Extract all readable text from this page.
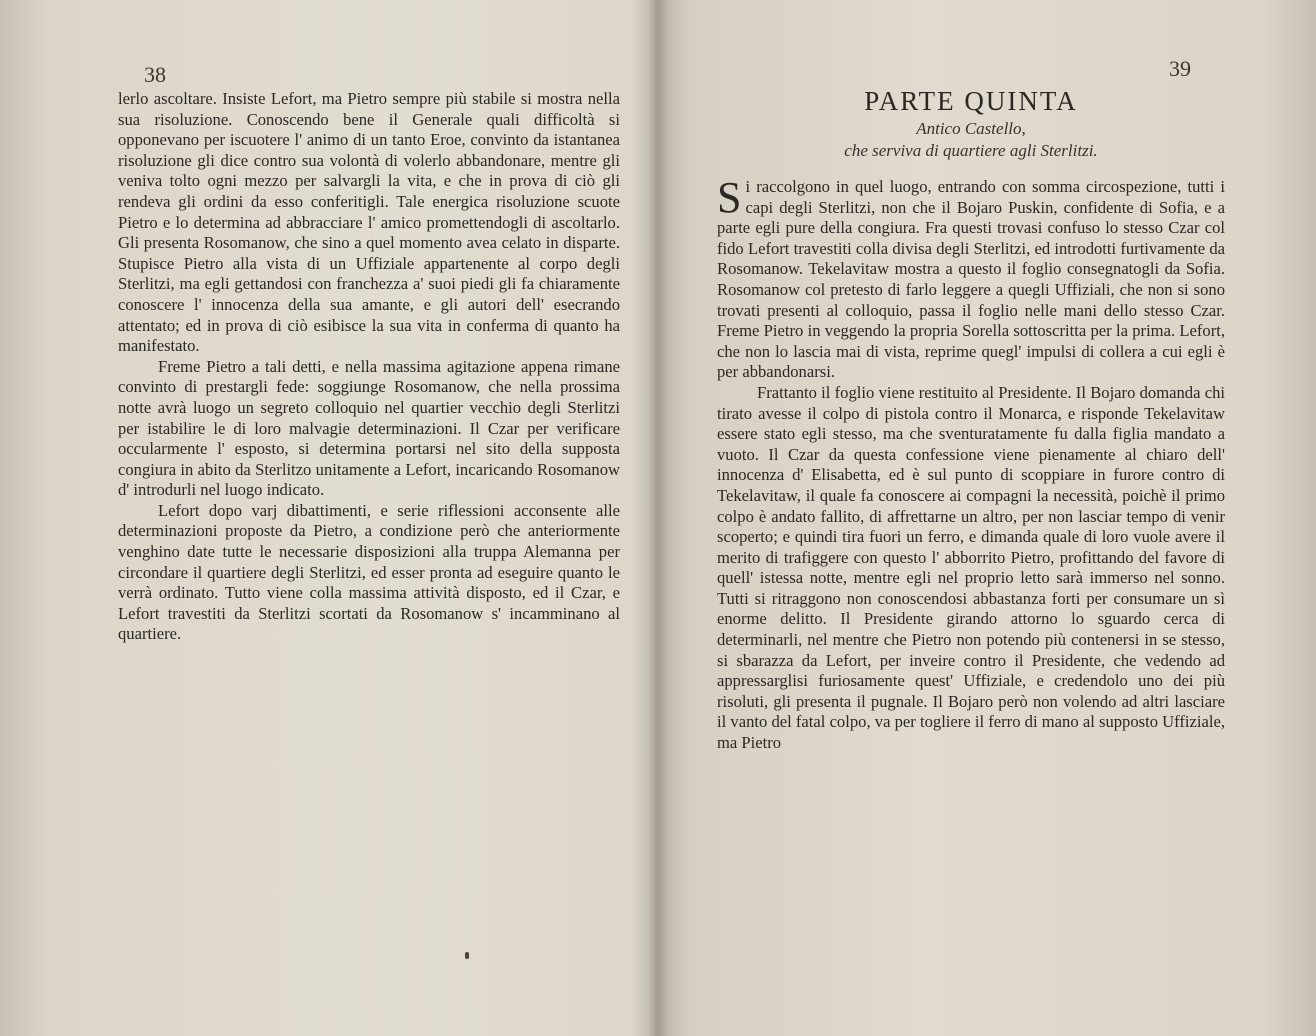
38

lerlo ascoltare. Insiste Lefort, ma Pietro sempre più stabile si mostra nella sua risoluzione. Conoscendo bene il Generale quali difficoltà si opponevano per iscuotere l' animo di un tanto Eroe, convinto da istantanea risoluzione gli dice contro sua volontà di volerlo abbandonare, mentre gli veniva tolto ogni mezzo per salvargli la vita, e che in prova di ciò gli rendeva gli ordini da esso conferitigli. Tale energica risoluzione scuote Pietro e lo determina ad abbracciare l' amico promettendogli di ascoltarlo. Gli presenta Rosomanow, che sino a quel momento avea celato in disparte. Stupisce Pietro alla vista di un Uffiziale appartenente al corpo degli Sterlitzi, ma egli gettandosi con franchezza a' suoi piedi gli fa chiaramente conoscere l' innocenza della sua amante, e gli autori dell' esecrando attentato; ed in prova di ciò esibisce la sua vita in conferma di quanto ha manifestato.

Freme Pietro a tali detti, e nella massima agitazione appena rimane convinto di prestargli fede: soggiunge Rosomanow, che nella prossima notte avrà luogo un segreto colloquio nel quartier vecchio degli Sterlitzi per istabilire le di loro malvagie determinazioni. Il Czar per verificare occularmente l' esposto, si determina portarsi nel sito della supposta congiura in abito da Sterlitzo unitamente a Lefort, incaricando Rosomanow d' introdurli nel luogo indicato.

Lefort dopo varj dibattimenti, e serie riflessioni acconsente alle determinazioni proposte da Pietro, a condizione però che anteriormente venghino date tutte le necessarie disposizioni alla truppa Alemanna per circondare il quartiere degli Sterlitzi, ed esser pronta ad eseguire quanto le verrà ordinato. Tutto viene colla massima attività disposto, ed il Czar, e Lefort travestiti da Sterlitzi scortati da Rosomanow s' incamminano al quartiere.

39
PARTE QUINTA
Antico Castello,
che serviva di quartiere agli Sterlitzi.

Si raccolgono in quel luogo, entrando con somma circospezione, tutti i capi degli Sterlitzi, non che il Bojaro Puskin, confidente di Sofia, e a parte egli pure della congiura. Fra questi trovasi confuso lo stesso Czar col fido Lefort travestiti colla divisa degli Sterlitzi, ed introdotti furtivamente da Rosomanow. Tekelavitaw mostra a questo il foglio consegnatogli da Sofia. Rosomanow col pretesto di farlo leggere a quegli Uffiziali, che non si sono trovati presenti al colloquio, passa il foglio nelle mani dello stesso Czar. Freme Pietro in veggendo la propria Sorella sottoscritta per la prima. Lefort, che non lo lascia mai di vista, reprime quegl' impulsi di collera a cui egli è per abbandonarsi.

Frattanto il foglio viene restituito al Presidente. Il Bojaro domanda chi tirato avesse il colpo di pistola contro il Monarca, e risponde Tekelavitaw essere stato egli stesso, ma che sventuratamente fu dalla figlia mandato a vuoto. Il Czar da questa confessione viene pienamente al chiaro dell' innocenza d' Elisabetta, ed è sul punto di scoppiare in furore contro di Tekelavitaw, il quale fa conoscere ai compagni la necessità, poichè il primo colpo è andato fallito, di affrettarne un altro, per non lasciar tempo di venir scoperto; e quindi tira fuori un ferro, e dimanda quale di loro vuole avere il merito di trafiggere con questo l' abborrito Pietro, profittando del favore di quell' istessa notte, mentre egli nel proprio letto sarà immerso nel sonno. Tutti si ritraggono non conoscendosi abbastanza forti per consumare un sì enorme delitto. Il Presidente girando attorno lo sguardo cerca di determinarli, nel mentre che Pietro non potendo più contenersi in se stesso, si sbarazza da Lefort, per inveire contro il Presidente, che vedendo ad appressarglisi furiosamente quest' Uffiziale, e credendolo uno dei più risoluti, gli presenta il pugnale. Il Bojaro però non volendo ad altri lasciare il vanto del fatal colpo, va per togliere il ferro di mano al supposto Uffiziale, ma Pietro
